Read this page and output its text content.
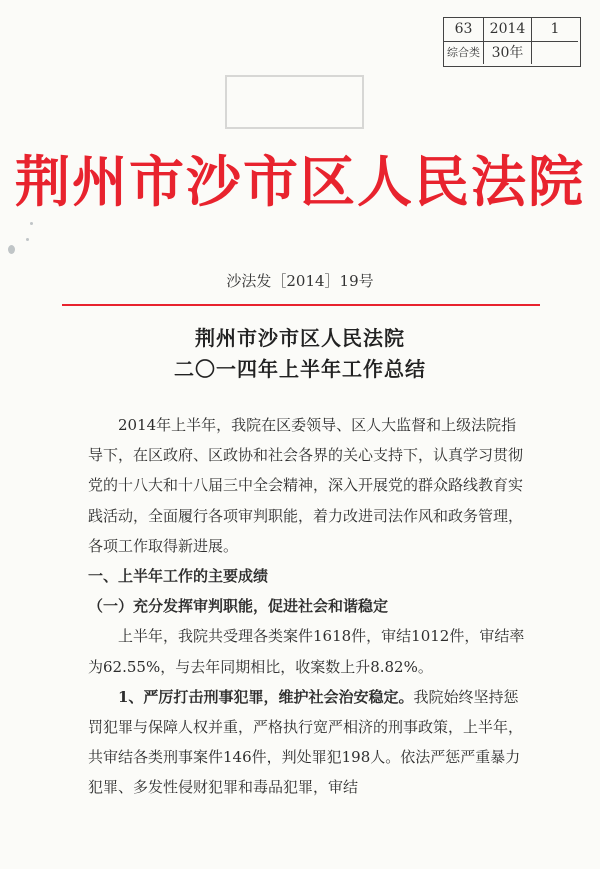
63	2014	1
综合类 30年
荆州市沙市区人民法院
沙法发［2014］19号
荆州市沙市区人民法院
二〇一四年上半年工作总结

2014年上半年，我院在区委领导、区人大监督和上级法院指导下，在区政府、区政协和社会各界的关心支持下，认真学习贯彻党的十八大和十八届三中全会精神，深入开展党的群众路线教育实践活动，全面履行各项审判职能，着力改进司法作风和政务管理，各项工作取得新进展。

一、上半年工作的主要成绩

（一）充分发挥审判职能，促进社会和谐稳定

上半年，我院共受理各类案件1618件，审结1012件，审结率为62.55%，与去年同期相比，收案数上升8.82%。

1、严厉打击刑事犯罪，维护社会治安稳定。我院始终坚持惩罚犯罪与保障人权并重，严格执行宽严相济的刑事政策，上半年，共审结各类刑事案件146件，判处罪犯198人。依法严惩严重暴力犯罪、多发性侵财犯罪和毒品犯罪，审结
